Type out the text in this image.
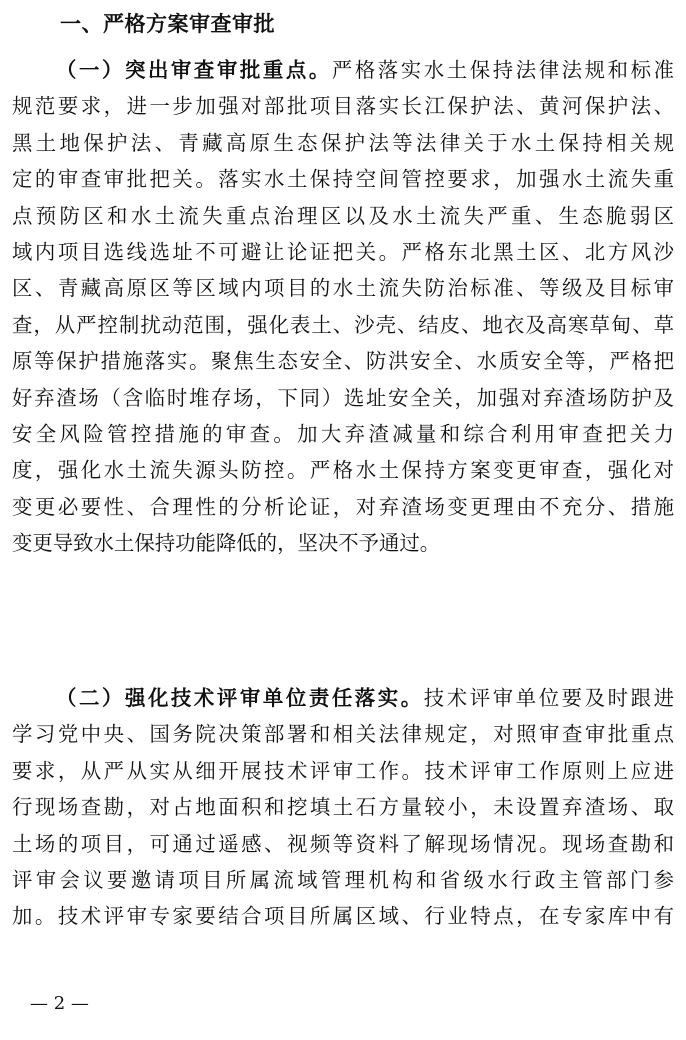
一、严格方案审查审批
（一）突出审查审批重点。严格落实水土保持法律法规和标准
规范要求，进一步加强对部批项目落实长江保护法、黄河保护法、
黑土地保护法、青藏高原生态保护法等法律关于水土保持相关规
定的审查审批把关。落实水土保持空间管控要求，加强水土流失重
点预防区和水土流失重点治理区以及水土流失严重、生态脆弱区
域内项目选线选址不可避让论证把关。严格东北黑土区、北方风沙
区、青藏高原区等区域内项目的水土流失防治标准、等级及目标审
查，从严控制扰动范围，强化表土、沙壳、结皮、地衣及高寒草甸、草
原等保护措施落实。聚焦生态安全、防洪安全、水质安全等，严格把
好弃渣场（含临时堆存场，下同）选址安全关，加强对弃渣场防护及
安全风险管控措施的审查。加大弃渣减量和综合利用审查把关力
度，强化水土流失源头防控。严格水土保持方案变更审查，强化对
变更必要性、合理性的分析论证，对弃渣场变更理由不充分、措施
变更导致水土保持功能降低的，坚决不予通过。
（二）强化技术评审单位责任落实。技术评审单位要及时跟进
学习党中央、国务院决策部署和相关法律规定，对照审查审批重点
要求，从严从实从细开展技术评审工作。技术评审工作原则上应进
行现场查勘，对占地面积和挖填土石方量较小，未设置弃渣场、取
土场的项目，可通过遥感、视频等资料了解现场情况。现场查勘和
评审会议要邀请项目所属流域管理机构和省级水行政主管部门参
加。技术评审专家要结合项目所属区域、行业特点，在专家库中有
— 2 —
